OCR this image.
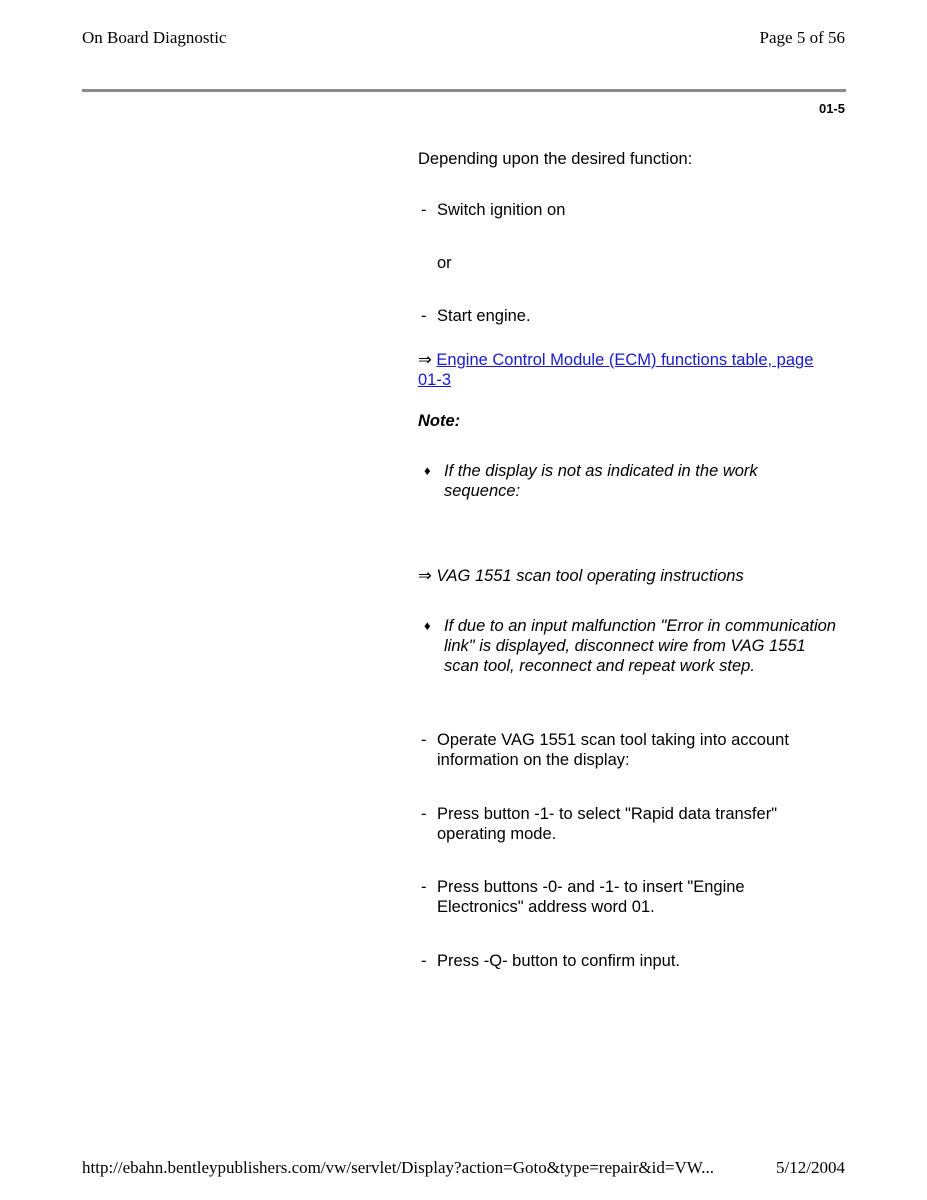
On Board Diagnostic	Page 5 of 56
01-5
Depending upon the desired function:
- Switch ignition on
or
- Start engine.
⇒ Engine Control Module (ECM) functions table, page 01-3
Note:
♦ If the display is not as indicated in the work sequence:
⇒ VAG 1551 scan tool operating instructions
♦ If due to an input malfunction "Error in communication link" is displayed, disconnect wire from VAG 1551 scan tool, reconnect and repeat work step.
- Operate VAG 1551 scan tool taking into account information on the display:
- Press button -1- to select "Rapid data transfer" operating mode.
- Press buttons -0- and -1- to insert "Engine Electronics" address word 01.
- Press -Q- button to confirm input.
http://ebahn.bentleypublishers.com/vw/servlet/Display?action=Goto&type=repair&id=VW...	5/12/2004
